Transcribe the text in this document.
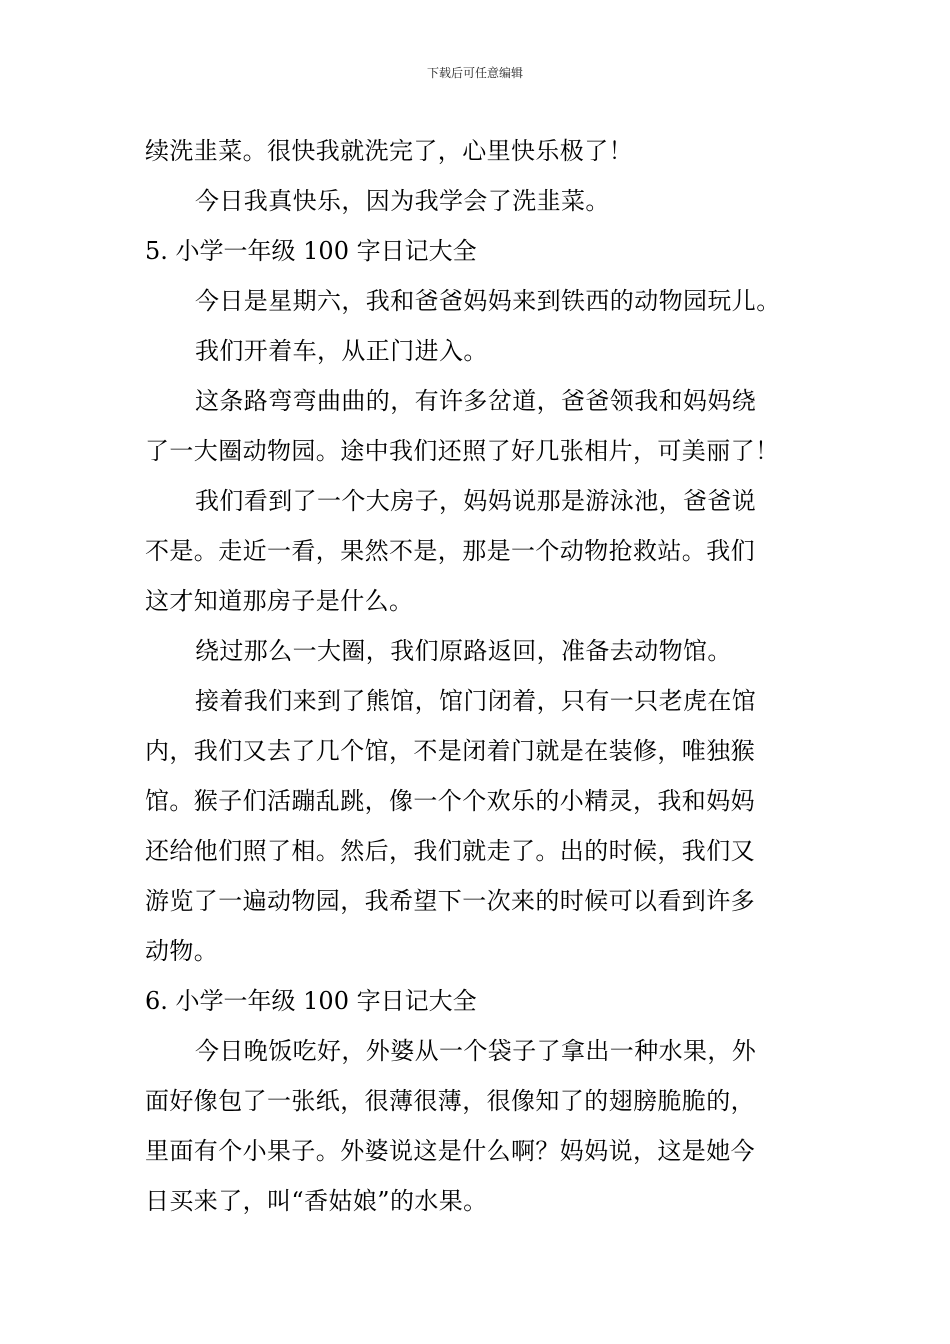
下载后可任意编辑
续洗韭菜。很快我就洗完了，心里快乐极了！
今日我真快乐，因为我学会了洗韭菜。
5. 小学一年级 100 字日记大全
今日是星期六，我和爸爸妈妈来到铁西的动物园玩儿。
我们开着车，从正门进入。
这条路弯弯曲曲的，有许多岔道，爸爸领我和妈妈绕
了一大圈动物园。途中我们还照了好几张相片，可美丽了！
我们看到了一个大房子，妈妈说那是游泳池，爸爸说
不是。走近一看，果然不是，那是一个动物抢救站。我们
这才知道那房子是什么。
绕过那么一大圈，我们原路返回，准备去动物馆。
接着我们来到了熊馆，馆门闭着，只有一只老虎在馆
内，我们又去了几个馆，不是闭着门就是在装修，唯独猴
馆。猴子们活蹦乱跳，像一个个欢乐的小精灵，我和妈妈
还给他们照了相。然后，我们就走了。出的时候，我们又
游览了一遍动物园，我希望下一次来的时候可以看到许多
动物。
6. 小学一年级 100 字日记大全
今日晚饭吃好，外婆从一个袋子了拿出一种水果，外
面好像包了一张纸，很薄很薄，很像知了的翅膀脆脆的，
里面有个小果子。外婆说这是什么啊？妈妈说，这是她今
日买来了，叫“香姑娘”的水果。
